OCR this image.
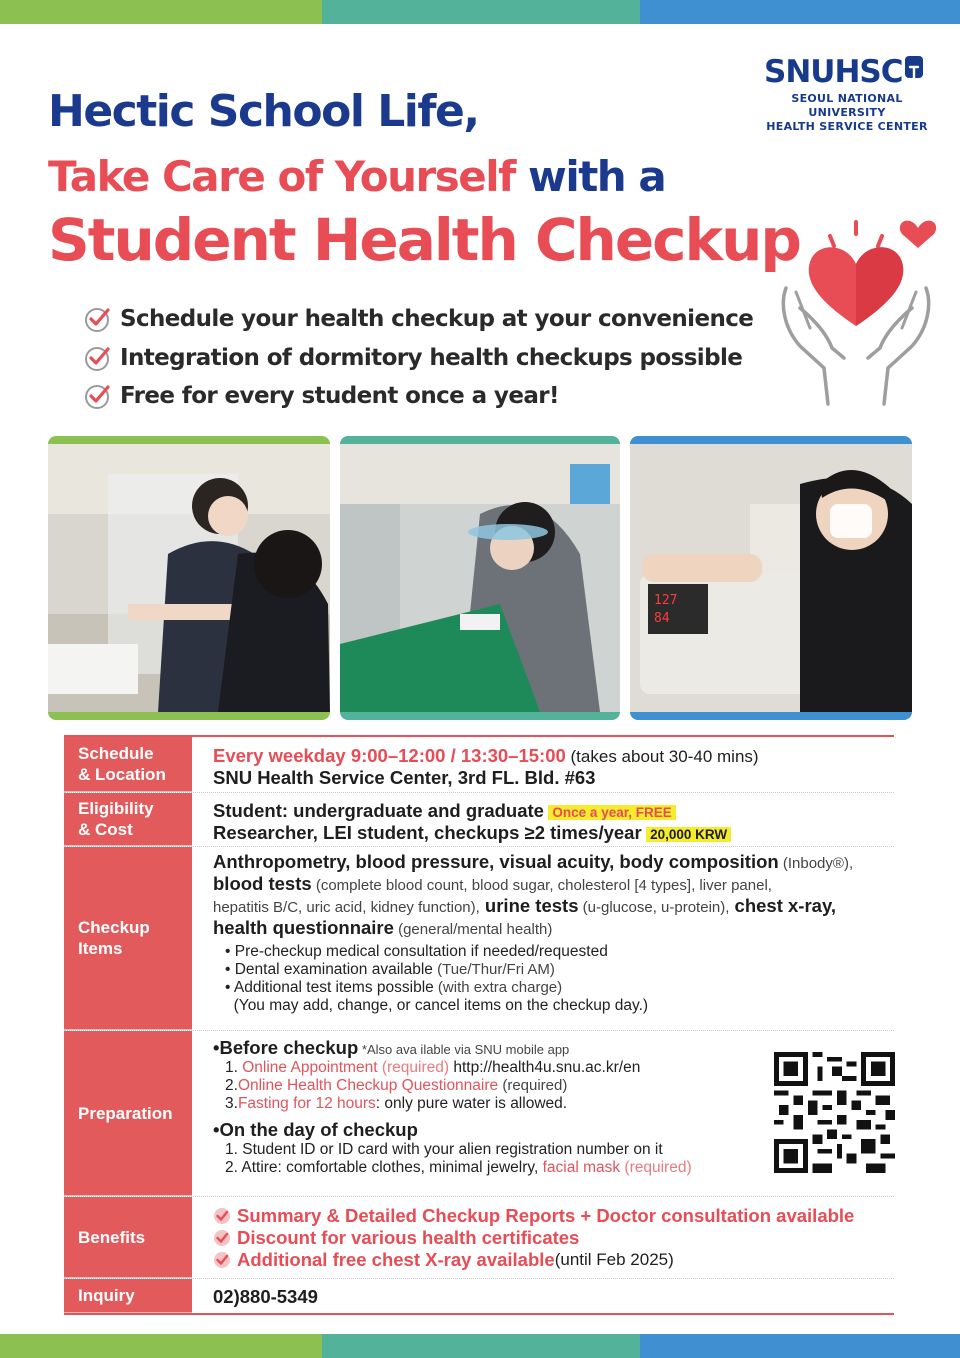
SNU HSC
SEOUL NATIONAL UNIVERSITY
HEALTH SERVICE CENTER
Hectic School Life,
Take Care of Yourself with a
Student Health Checkup
Schedule your health checkup at your convenience
Integration of dormitory health checkups possible
Free for every student once a year!
127
84
Schedule
& Location
Every weekday 9:00–12:00 / 13:30–15:00 (takes about 30-40 mins)
SNU Health Service Center, 3rd FL. Bld. #63
Eligibility
& Cost
Student: undergraduate and graduate Once a year, FREE
Researcher, LEI student, checkups ≥2 times/year 20,000 KRW
Checkup
Items
Anthropometry, blood pressure, visual acuity, body composition (Inbody®),
blood tests (complete blood count, blood sugar, cholesterol [4 types], liver panel,
hepatitis B/C, uric acid, kidney function), urine tests (u-glucose, u-protein), chest x-ray,
health questionnaire (general/mental health)
• Pre-checkup medical consultation if needed/requested
• Dental examination available (Tue/Thur/Fri AM)
• Additional test items possible (with extra charge)
(You may add, change, or cancel items on the checkup day.)
Preparation
•Before checkup *Also ava ilable via SNU mobile app
1. Online Appointment (required) http://health4u.snu.ac.kr/en
2.Online Health Checkup Questionnaire (required)
3.Fasting for 12 hours: only pure water is allowed.
•On the day of checkup
1. Student ID or ID card with your alien registration number on it
2. Attire: comfortable clothes, minimal jewelry, facial mask (required)
Benefits
Summary & Detailed Checkup Reports + Doctor consultation available
Discount for various health certificates
Additional free chest X-ray available (until Feb 2025)
Inquiry	02)880-5349
